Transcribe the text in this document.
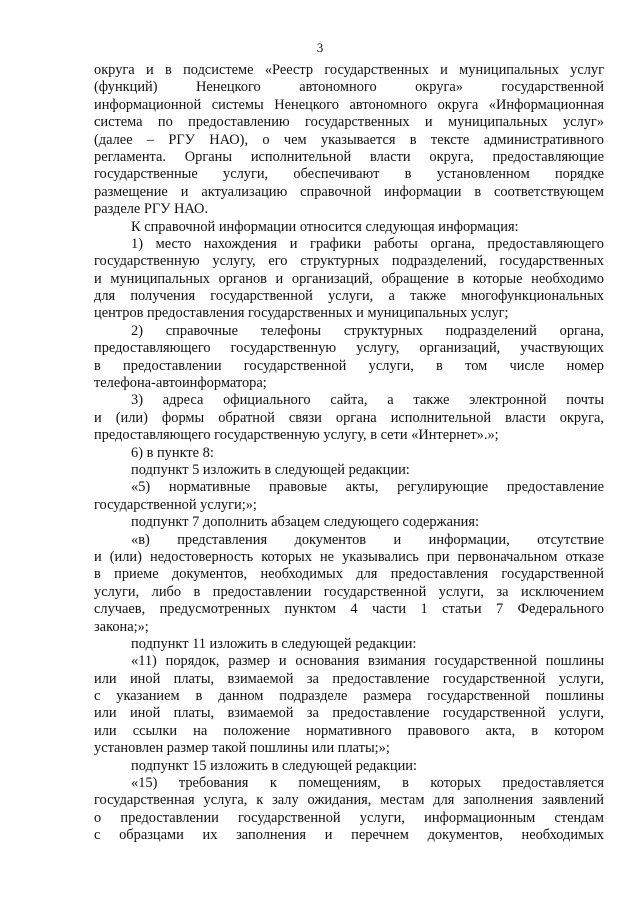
3
округа и в подсистеме «Реестр государственных и муниципальных услуг
(функций) Ненецкого автономного округа» государственной
информационной системы Ненецкого автономного округа «Информационная
система по предоставлению государственных и муниципальных услуг»
(далее – РГУ НАО), о чем указывается в тексте административного
регламента. Органы исполнительной власти округа, предоставляющие
государственные услуги, обеспечивают в установленном порядке
размещение и актуализацию справочной информации в соответствующем
разделе РГУ НАО.
К справочной информации относится следующая информация:
1) место нахождения и графики работы органа, предоставляющего
государственную услугу, его структурных подразделений, государственных
и муниципальных органов и организаций, обращение в которые необходимо
для получения государственной услуги, а также многофункциональных
центров предоставления государственных и муниципальных услуг;
2) справочные телефоны структурных подразделений органа,
предоставляющего государственную услугу, организаций, участвующих
в предоставлении государственной услуги, в том числе номер
телефона-автоинформатора;
3) адреса официального сайта, а также электронной почты
и (или) формы обратной связи органа исполнительной власти округа,
предоставляющего государственную услугу, в сети «Интернет».»;
6) в пункте 8:
подпункт 5 изложить в следующей редакции:
«5) нормативные правовые акты, регулирующие предоставление
государственной услуги;»;
подпункт 7 дополнить абзацем следующего содержания:
«в) представления документов и информации, отсутствие
и (или) недостоверность которых не указывались при первоначальном отказе
в приеме документов, необходимых для предоставления государственной
услуги, либо в предоставлении государственной услуги, за исключением
случаев, предусмотренных пунктом 4 части 1 статьи 7 Федерального
закона;»;
подпункт 11 изложить в следующей редакции:
«11) порядок, размер и основания взимания государственной пошлины
или иной платы, взимаемой за предоставление государственной услуги,
с указанием в данном подразделе размера государственной пошлины
или иной платы, взимаемой за предоставление государственной услуги,
или ссылки на положение нормативного правового акта, в котором
установлен размер такой пошлины или платы;»;
подпункт 15 изложить в следующей редакции:
«15) требования к помещениям, в которых предоставляется
государственная услуга, к залу ожидания, местам для заполнения заявлений
о предоставлении государственной услуги, информационным стендам
с образцами их заполнения и перечнем документов, необходимых
